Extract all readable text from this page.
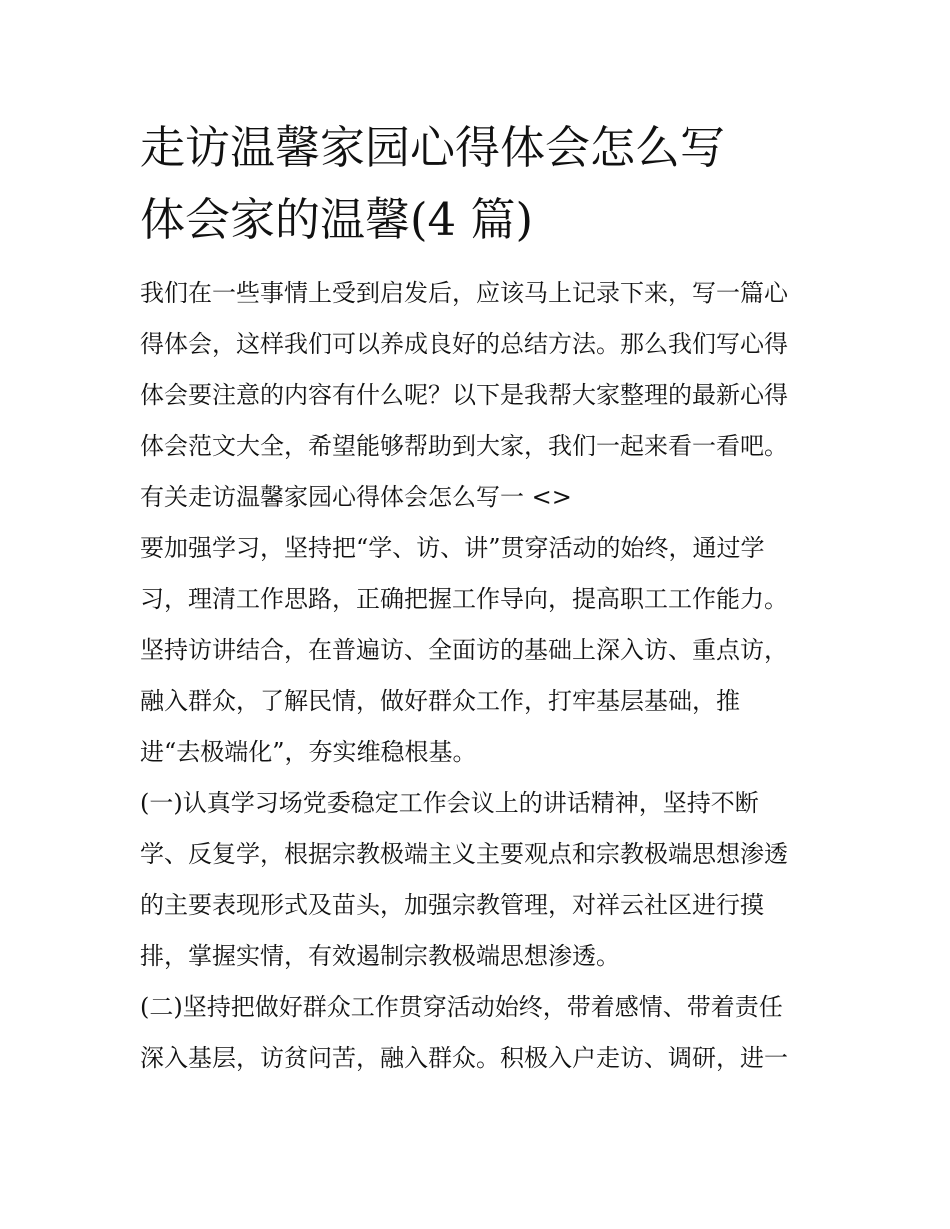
走访温馨家园心得体会怎么写
体会家的温馨(4 篇)

我们在一些事情上受到启发后，应该马上记录下来，写一篇心

得体会，这样我们可以养成良好的总结方法。那么我们写心得

体会要注意的内容有什么呢？以下是我帮大家整理的最新心得

体会范文大全，希望能够帮助到大家，我们一起来看一看吧。

有关走访温馨家园心得体会怎么写一 <>

要加强学习，坚持把“学、访、讲”贯穿活动的始终，通过学

习，理清工作思路，正确把握工作导向，提高职工工作能力。

坚持访讲结合，在普遍访、全面访的基础上深入访、重点访，

融入群众，了解民情，做好群众工作，打牢基层基础，推

进“去极端化”，夯实维稳根基。

(一)认真学习场党委稳定工作会议上的讲话精神，坚持不断

学、反复学，根据宗教极端主义主要观点和宗教极端思想渗透

的主要表现形式及苗头，加强宗教管理，对祥云社区进行摸

排，掌握实情，有效遏制宗教极端思想渗透。

(二)坚持把做好群众工作贯穿活动始终，带着感情、带着责任

深入基层，访贫问苦，融入群众。积极入户走访、调研，进一
